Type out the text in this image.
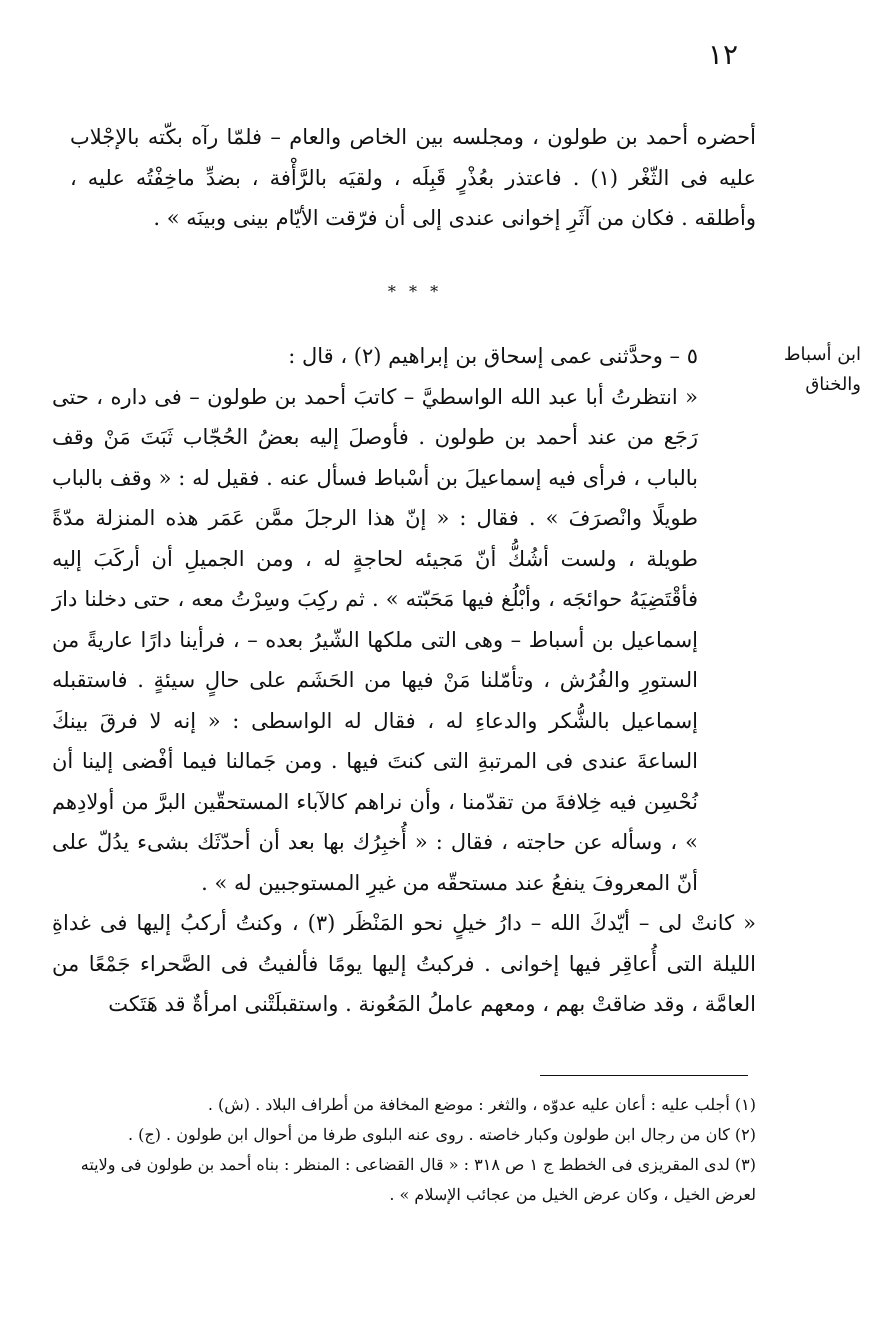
١٢
أحضره أحمد بن طولون ، ومجلسه بين الخاص والعام – فلمّا رآه بكّته بالإجْلاب عليه فى الثّغْر (١) . فاعتذر بعُذْرٍ قَبِلَه ، ولقيَه بالرَّأْفة ، بضدِّ ماخِفْتُه عليه ، وأطلقه . فكان من آثَرِ إخوانى عندى إلى أن فرّقت الأيّام بينى وبينَه » .
* * *
ابن أسباط والخناق

٥ – وحدَّثنى عمى إسحاق بن إبراهيم (٢) ، قال :

« انتظرتُ أبا عبد الله الواسطيَّ – كاتبَ أحمد بن طولون – فى داره ، حتى رَجَع من عند أحمد بن طولون . فأوصلَ إليه بعضُ الحُجّاب ثَبَتَ مَنْ وقف بالباب ، فرأى فيه إسماعيلَ بن أسْباط فسأل عنه . فقيل له : « وقف بالباب طويلًا وانْصرَفَ » . فقال : « إنّ هذا الرجلَ ممَّن عَمَر هذه المنزلة مدّةً طويلة ، ولست أشُكُّ أنّ مَجيئه لحاجةٍ له ، ومن الجميلِ أن أركَبَ إليه فأقْتَضِيَهُ حوائجَه ، وأبْلُغ فيها مَحَبّته » . ثم ركِبَ وسِرْتُ معه ، حتى دخلنا دارَ إسماعيل بن أسباط – وهى التى ملكها الشّيرُ بعده – ، فرأينا دارًا عاريةً من الستورِ والفُرُش ، وتأمّلنا مَنْ فيها من الحَشَم على حالٍ سيئةٍ . فاستقبله إسماعيل بالشُّكر والدعاءِ له ، فقال له الواسطى : « إنه لا فرقَ بينكَ الساعةَ عندى فى المرتبةِ التى كنتَ فيها . ومن جَمالنا فيما أفْضى إلينا أن نُحْسِن فيه خِلافةَ من تقدّمنا ، وأن نراهم كالآباء المستحقّين البرَّ من أولادِهم » ، وسأله عن حاجته ، فقال : « أُخبِرُك بها بعد أن أحدّثَك بشىء يدُلّ على أنّ المعروفَ ينفعُ عند مستحقّه من غيرِ المستوجبين له » .

« كانتْ لى – أيّدكَ الله – دارُ خيلٍ نحو المَنْظَر (٣) ، وكنتُ أركبُ إليها فى غداةِ الليلة التى أُعاقِر فيها إخوانى . فركبتُ إليها يومًا فألفيتُ فى الصَّحراء جَمْعًا من العامَّة ، وقد ضاقتْ بهم ، ومعهم عاملُ المَعُونة . واستقبلَتْنى امرأةٌ قد هَتَكت

(١) أجلب عليه : أعان عليه عدوّه ، والثغر : موضع المخافة من أطراف البلاد . (ش) .

(٢) كان من رجال ابن طولون وكبار خاصته . روى عنه البلوى طرفا من أحوال ابن طولون . (ج) .

(٣) لدى المقريزى فى الخطط ج ١ ص ٣١٨ : « قال القضاعى : المنظر : بناه أحمد بن طولون فى ولايته لعرض الخيل ، وكان عرض الخيل من عجائب الإسلام » .
